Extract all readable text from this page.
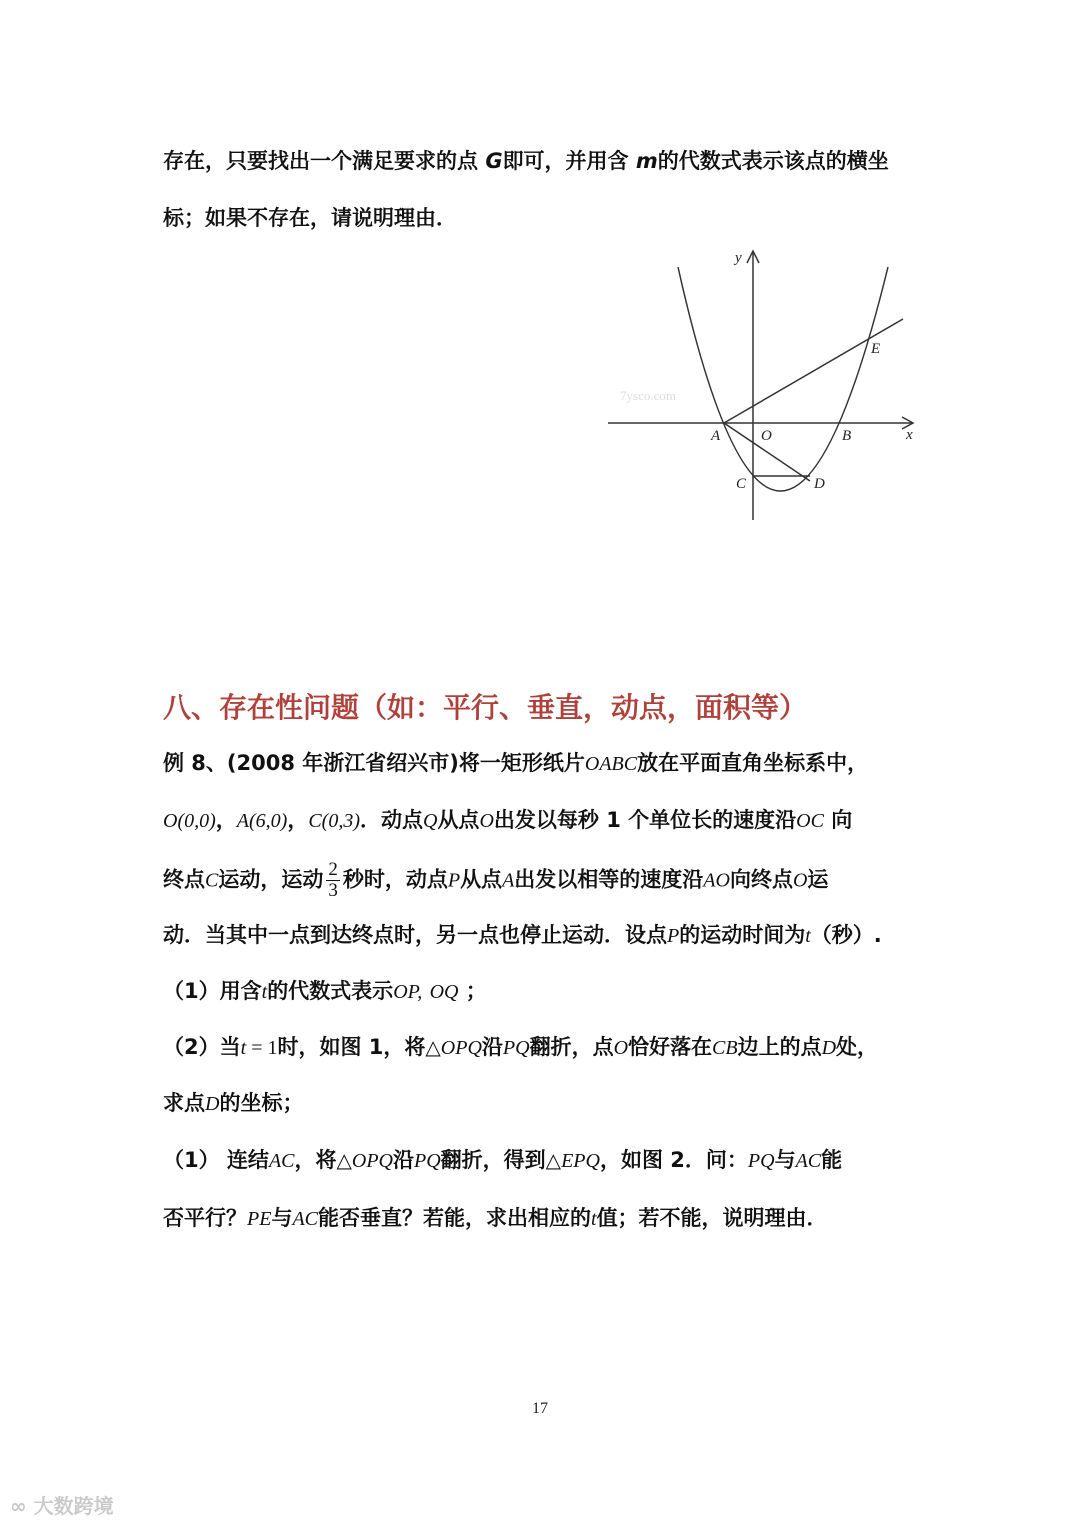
存在，只要找出一个满足要求的点 G即可，并用含 m的代数式表示该点的横坐
标；如果不存在，请说明理由．
7ysco.com
y
x
E
A	O	B
C	D
八、存在性问题（如：平行、垂直，动点，面积等）
例 8、(2008 年浙江省绍兴市)将一矩形纸片OABC放在平面直角坐标系中，
O(0,0)，A(6,0)，C(0,3)．动点Q从点O出发以每秒 1 个单位长的速度沿OC 向
终点C运动，运动 $\frac{2}{3}$ 秒时，动点P从点A出发以相等的速度沿AO向终点O运
动．当其中一点到达终点时，另一点也停止运动．设点P的运动时间为t（秒）.
（1）用含t的代数式表示OP, OQ ；
（2）当t = 1时，如图 1，将△OPQ沿PQ翻折，点O恰好落在CB边上的点D处，
求点D的坐标；
（1） 连结AC，将△OPQ沿PQ翻折，得到△EPQ，如图 2．问：PQ与AC能
否平行？PE与AC能否垂直？若能，求出相应的t值；若不能，说明理由．
17
∞ 大数跨境
